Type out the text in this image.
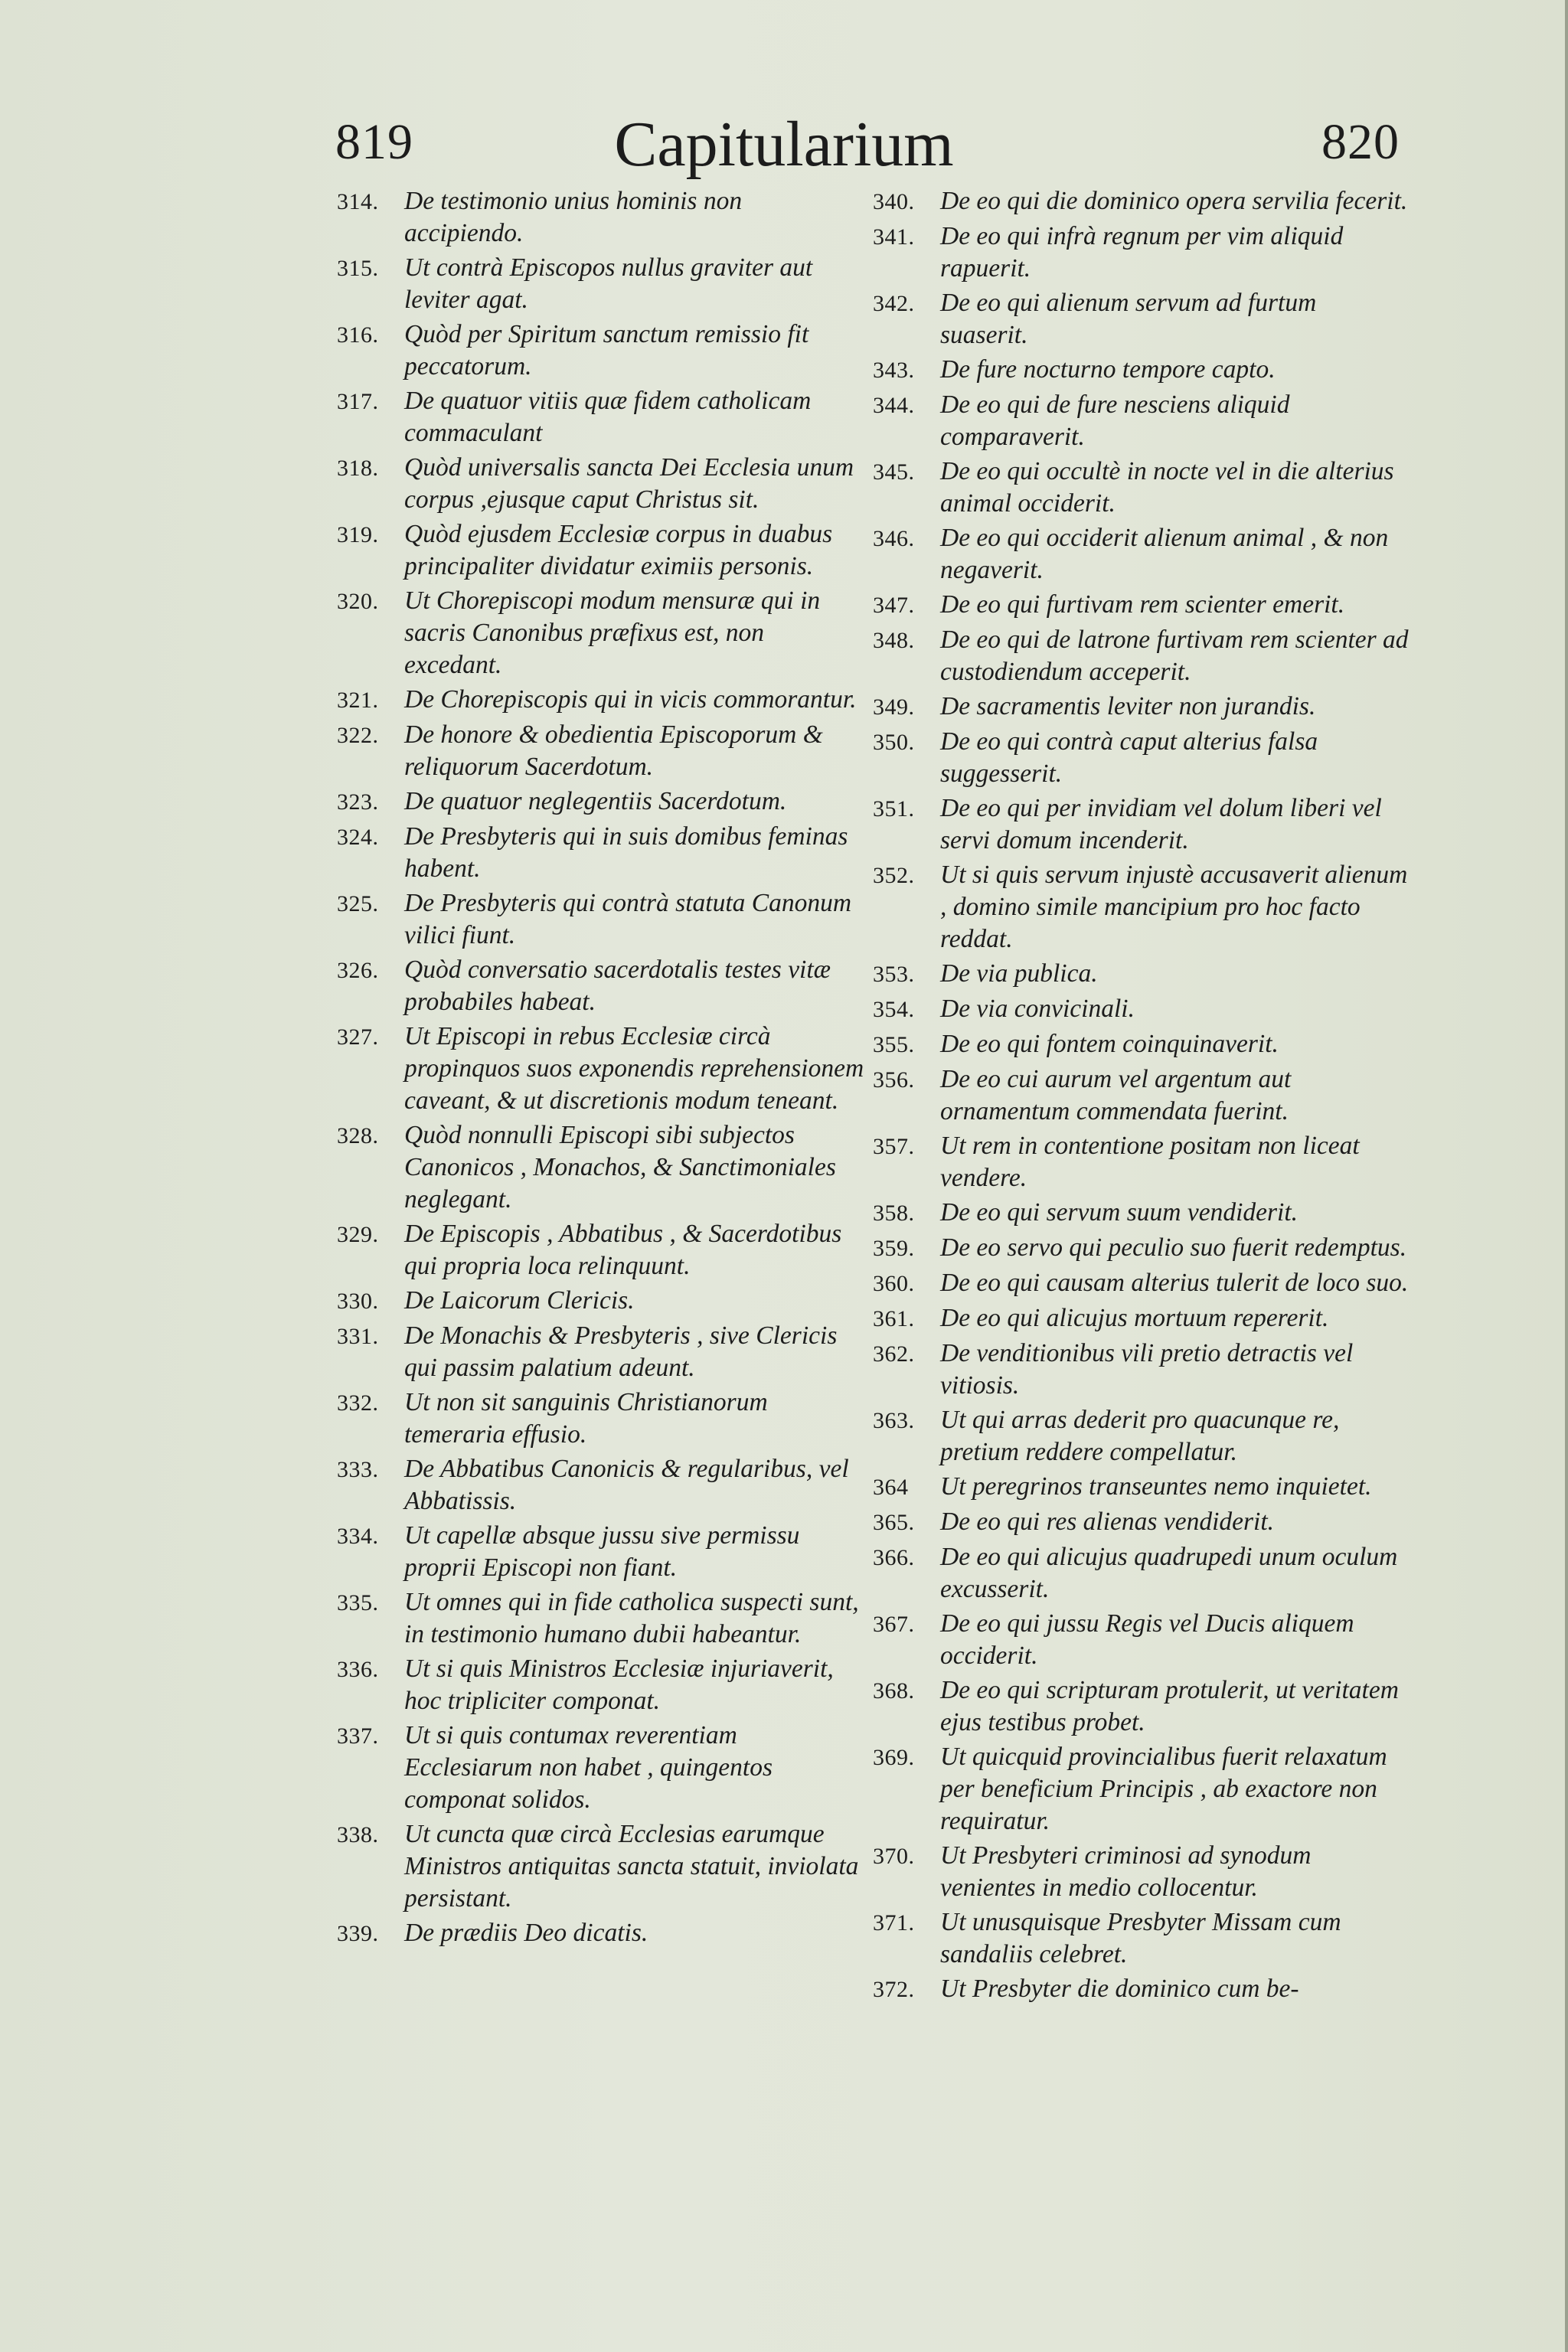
819	Capitularium	820
314.	De testimonio unius hominis non accipiendo.
315.	Ut contrà Episcopos nullus graviter aut leviter agat.
316.	Quòd per Spiritum sanctum remissio fit peccatorum.
317.	De quatuor vitiis quæ fidem catholicam commaculant
318.	Quòd universalis sancta Dei Ecclesia unum corpus ,ejusque caput Christus sit.
319.	Quòd ejusdem Ecclesiæ corpus in duabus principaliter dividatur eximiis personis.
320.	Ut Chorepiscopi modum mensuræ qui in sacris Canonibus præfixus est, non excedant.
321.	De Chorepiscopis qui in vicis commorantur.
322.	De honore & obedientia Episcoporum & reliquorum Sacerdotum.
323.	De quatuor neglegentiis Sacerdotum.
324.	De Presbyteris qui in suis domibus feminas habent.
325.	De Presbyteris qui contrà statuta Canonum vilici fiunt.
326.	Quòd conversatio sacerdotalis testes vitæ probabiles habeat.
327.	Ut Episcopi in rebus Ecclesiæ circà propinquos suos exponendis reprehensionem caveant, & ut discretionis modum teneant.
328.	Quòd nonnulli Episcopi sibi subjectos Canonicos , Monachos, & Sanctimoniales neglegant.
329.	De Episcopis , Abbatibus , & Sacerdotibus qui propria loca relinquunt.
330.	De Laicorum Clericis.
331.	De Monachis & Presbyteris , sive Clericis qui passim palatium adeunt.
332.	Ut non sit sanguinis Christianorum temeraria effusio.
333.	De Abbatibus Canonicis & regularibus, vel Abbatissis.
334.	Ut capellæ absque jussu sive permissu proprii Episcopi non fiant.
335.	Ut omnes qui in fide catholica suspecti sunt, in testimonio humano dubii habeantur.
336.	Ut si quis Ministros Ecclesiæ injuriaverit, hoc tripliciter componat.
337.	Ut si quis contumax reverentiam Ecclesiarum non habet , quingentos componat solidos.
338.	Ut cuncta quæ circà Ecclesias earumque Ministros antiquitas sancta statuit, inviolata persistant.
339.	De prædiis Deo dicatis.
340.	De eo qui die dominico opera servilia fecerit.
341.	De eo qui infrà regnum per vim aliquid rapuerit.
342.	De eo qui alienum servum ad furtum suaserit.
343.	De fure nocturno tempore capto.
344.	De eo qui de fure nesciens aliquid comparaverit.
345.	De eo qui occultè in nocte vel in die alterius animal occiderit.
346.	De eo qui occiderit alienum animal , & non negaverit.
347.	De eo qui furtivam rem scienter emerit.
348.	De eo qui de latrone furtivam rem scienter ad custodiendum acceperit.
349.	De sacramentis leviter non jurandis.
350.	De eo qui contrà caput alterius falsa suggesserit.
351.	De eo qui per invidiam vel dolum liberi vel servi domum incenderit.
352.	Ut si quis servum injustè accusaverit alienum , domino simile mancipium pro hoc facto reddat.
353.	De via publica.
354.	De via convicinali.
355.	De eo qui fontem coinquinaverit.
356.	De eo cui aurum vel argentum aut ornamentum commendata fuerint.
357.	Ut rem in contentione positam non liceat vendere.
358.	De eo qui servum suum vendiderit.
359.	De eo servo qui peculio suo fuerit redemptus.
360.	De eo qui causam alterius tulerit de loco suo.
361.	De eo qui alicujus mortuum repererit.
362.	De venditionibus vili pretio detractis vel vitiosis.
363.	Ut qui arras dederit pro quacunque re, pretium reddere compellatur.
364	Ut peregrinos transeuntes nemo inquietet.
365.	De eo qui res alienas vendiderit.
366.	De eo qui alicujus quadrupedi unum oculum excusserit.
367.	De eo qui jussu Regis vel Ducis aliquem occiderit.
368.	De eo qui scripturam protulerit, ut veritatem ejus testibus probet.
369.	Ut quicquid provincialibus fuerit relaxatum per beneficium Principis , ab exactore non requiratur.
370.	Ut Presbyteri criminosi ad synodum venientes in medio collocentur.
371.	Ut unusquisque Presbyter Missam cum sandaliis celebret.
372.	Ut Presbyter die dominico cum be-
